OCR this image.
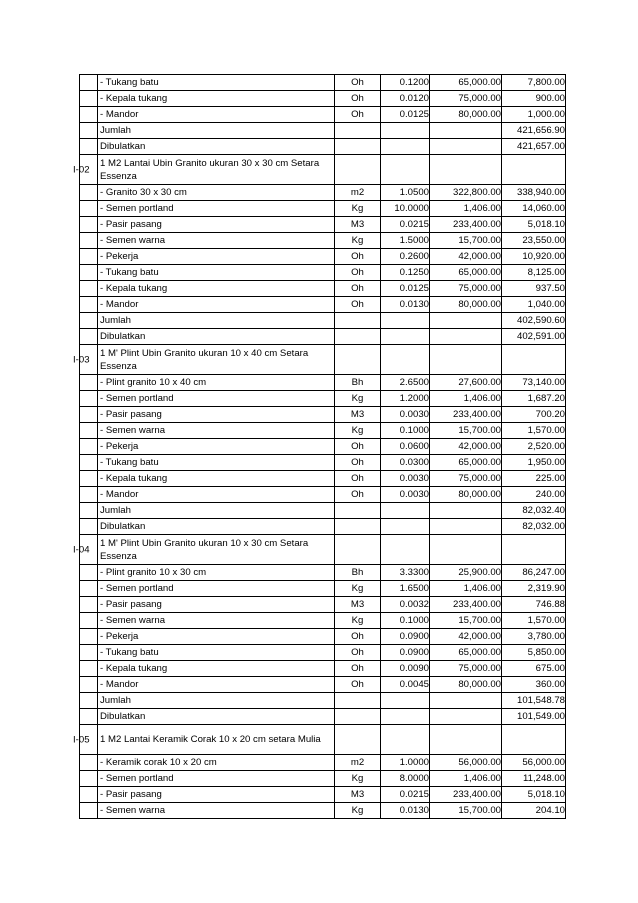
	- Tukang batu	Oh	0.1200	65,000.00	7,800.00
	- Kepala tukang	Oh	0.0120	75,000.00	900.00
	- Mandor	Oh	0.0125	80,000.00	1,000.00
	Jumlah				421,656.90
	Dibulatkan				421,657.00

I-02	1 M2 Lantai Ubin Granito ukuran 30 x 30 cm Setara Essenza				
	- Granito 30 x 30 cm	m2	1.0500	322,800.00	338,940.00
	- Semen portland	Kg	10.0000	1,406.00	14,060.00
	- Pasir pasang	M3	0.0215	233,400.00	5,018.10
	- Semen warna	Kg	1.5000	15,700.00	23,550.00
	- Pekerja	Oh	0.2600	42,000.00	10,920.00
	- Tukang batu	Oh	0.1250	65,000.00	8,125.00
	- Kepala tukang	Oh	0.0125	75,000.00	937.50
	- Mandor	Oh	0.0130	80,000.00	1,040.00
	Jumlah				402,590.60
	Dibulatkan				402,591.00

I-03	1 M' Plint Ubin Granito ukuran 10 x 40 cm Setara Essenza				
	- Plint granito 10 x 40 cm	Bh	2.6500	27,600.00	73,140.00
	- Semen portland	Kg	1.2000	1,406.00	1,687.20
	- Pasir pasang	M3	0.0030	233,400.00	700.20
	- Semen warna	Kg	0.1000	15,700.00	1,570.00
	- Pekerja	Oh	0.0600	42,000.00	2,520.00
	- Tukang batu	Oh	0.0300	65,000.00	1,950.00
	- Kepala tukang	Oh	0.0030	75,000.00	225.00
	- Mandor	Oh	0.0030	80,000.00	240.00
	Jumlah				82,032.40
	Dibulatkan				82,032.00

I-04	1 M' Plint Ubin Granito ukuran 10 x 30 cm Setara Essenza				
	- Plint granito 10 x 30 cm	Bh	3.3300	25,900.00	86,247.00
	- Semen portland	Kg	1.6500	1,406.00	2,319.90
	- Pasir pasang	M3	0.0032	233,400.00	746.88
	- Semen warna	Kg	0.1000	15,700.00	1,570.00
	- Pekerja	Oh	0.0900	42,000.00	3,780.00
	- Tukang batu	Oh	0.0900	65,000.00	5,850.00
	- Kepala tukang	Oh	0.0090	75,000.00	675.00
	- Mandor	Oh	0.0045	80,000.00	360.00
	Jumlah				101,548.78
	Dibulatkan				101,549.00

I-05	1 M2 Lantai Keramik Corak 10 x 20 cm setara Mulia				
	- Keramik corak 10 x 20 cm	m2	1.0000	56,000.00	56,000.00
	- Semen portland	Kg	8.0000	1,406.00	11,248.00
	- Pasir pasang	M3	0.0215	233,400.00	5,018.10
	- Semen warna	Kg	0.0130	15,700.00	204.10
